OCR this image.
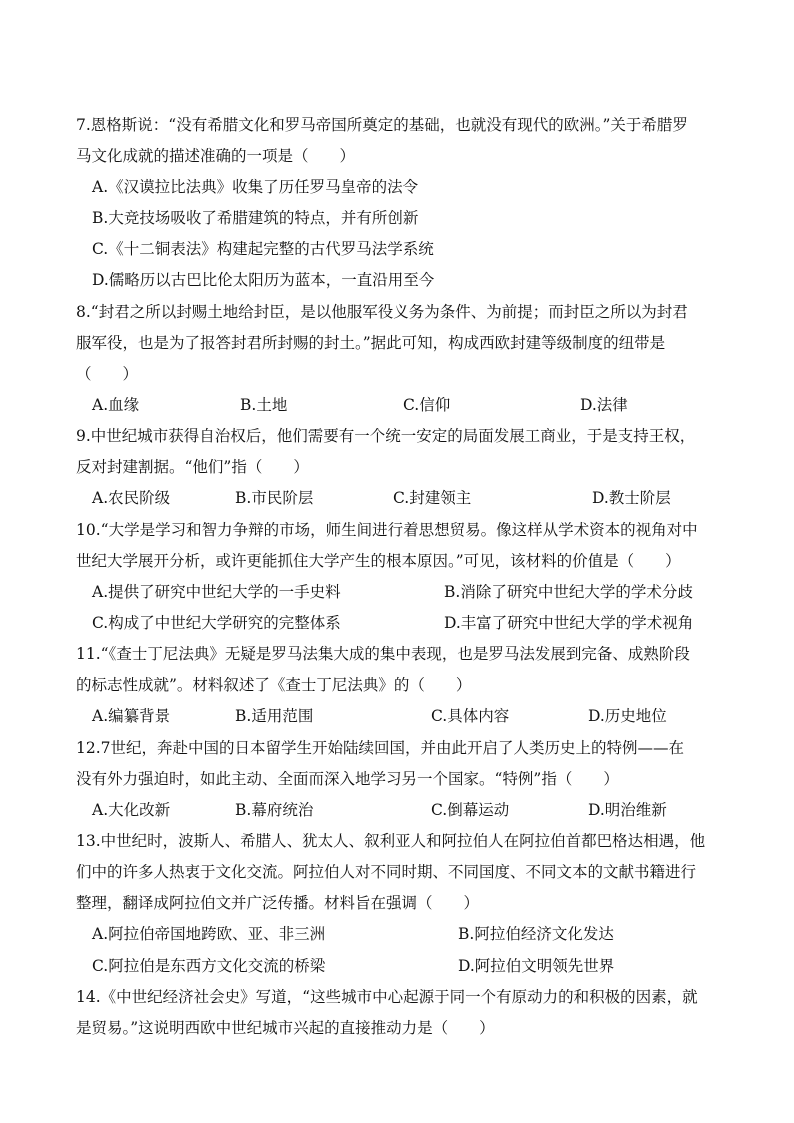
7.恩格斯说：“没有希腊文化和罗马帝国所奠定的基础，也就没有现代的欧洲。”关于希腊罗
马文化成就的描述准确的一项是（　　）
A.《汉谟拉比法典》收集了历任罗马皇帝的法令
B.大竞技场吸收了希腊建筑的特点，并有所创新
C.《十二铜表法》构建起完整的古代罗马法学系统
D.儒略历以古巴比伦太阳历为蓝本，一直沿用至今
8.“封君之所以封赐土地给封臣，是以他服军役义务为条件、为前提；而封臣之所以为封君
服军役，也是为了报答封君所封赐的封土。”据此可知，构成西欧封建等级制度的纽带是
（　　）
A.血缘	B.土地	C.信仰	D.法律
9.中世纪城市获得自治权后，他们需要有一个统一安定的局面发展工商业，于是支持王权，
反对封建割据。“他们”指（　　）
A.农民阶级	B.市民阶层	C.封建领主	D.教士阶层
10.“大学是学习和智力争辩的市场，师生间进行着思想贸易。像这样从学术资本的视角对中
世纪大学展开分析，或许更能抓住大学产生的根本原因。”可见，该材料的价值是（　　）
A.提供了研究中世纪大学的一手史料	B.消除了研究中世纪大学的学术分歧
C.构成了中世纪大学研究的完整体系	D.丰富了研究中世纪大学的学术视角
11.“《查士丁尼法典》无疑是罗马法集大成的集中表现，也是罗马法发展到完备、成熟阶段
的标志性成就”。材料叙述了《查士丁尼法典》的（　　）
A.编纂背景	B.适用范围	C.具体内容	D.历史地位
12.7世纪，奔赴中国的日本留学生开始陆续回国，并由此开启了人类历史上的特例——在
没有外力强迫时，如此主动、全面而深入地学习另一个国家。“特例”指（　　）
A.大化改新	B.幕府统治	C.倒幕运动	D.明治维新
13.中世纪时，波斯人、希腊人、犹太人、叙利亚人和阿拉伯人在阿拉伯首都巴格达相遇，他
们中的许多人热衷于文化交流。阿拉伯人对不同时期、不同国度、不同文本的文献书籍进行
整理，翻译成阿拉伯文并广泛传播。材料旨在强调（　　）
A.阿拉伯帝国地跨欧、亚、非三洲	B.阿拉伯经济文化发达
C.阿拉伯是东西方文化交流的桥梁	D.阿拉伯文明领先世界
14.《中世纪经济社会史》写道，“这些城市中心起源于同一个有原动力的和积极的因素，就
是贸易。”这说明西欧中世纪城市兴起的直接推动力是（　　）
